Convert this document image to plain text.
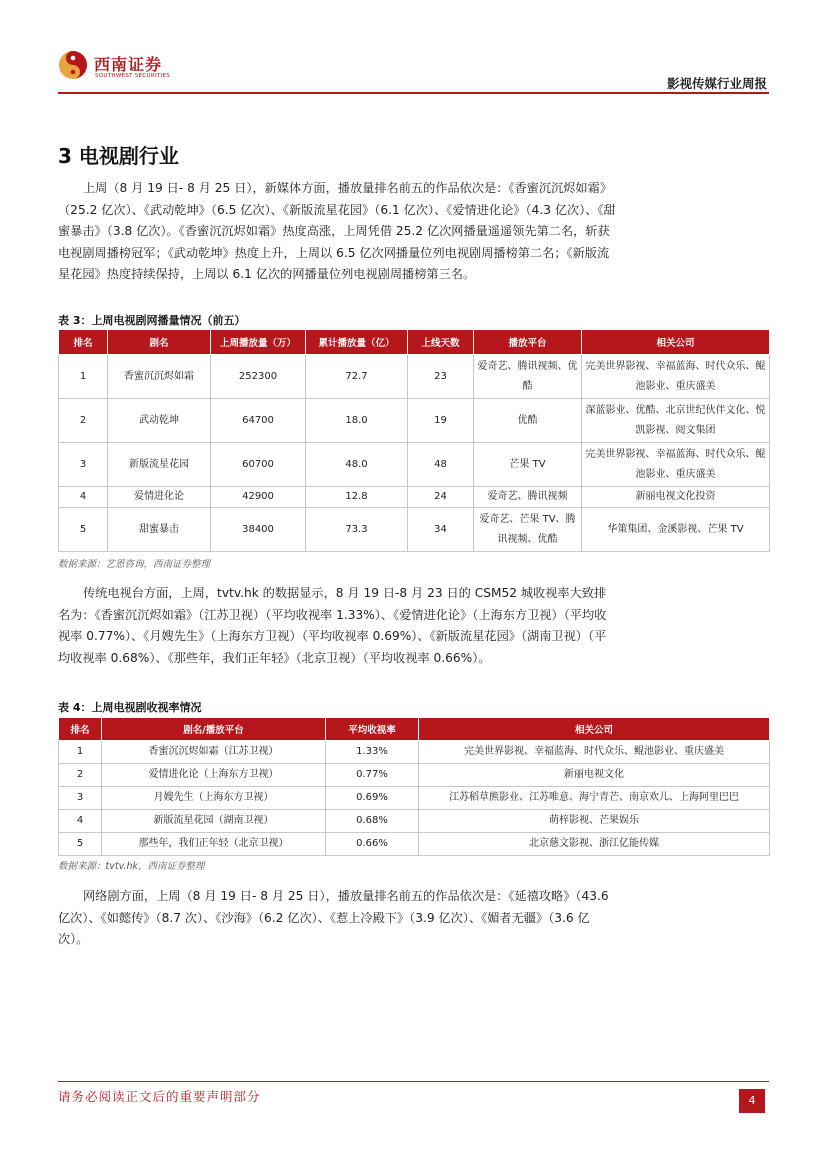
西南证券
SOUTHWEST SECURITIES	影视传媒行业周报
3 电视剧行业

上周（8 月 19 日- 8 月 25 日），新媒体方面，播放量排名前五的作品依次是：《香蜜沉沉烬如霜》（25.2 亿次）、《武动乾坤》（6.5 亿次）、《新版流星花园》（6.1 亿次）、《爱情进化论》（4.3 亿次）、《甜蜜暴击》（3.8 亿次）。《香蜜沉沉烬如霜》热度高涨，上周凭借 25.2 亿次网播量遥遥领先第二名，斩获电视剧周播榜冠军；《武动乾坤》热度上升，上周以 6.5 亿次网播量位列电视剧周播榜第二名；《新版流星花园》热度持续保持，上周以 6.1 亿次的网播量位列电视剧周播榜第三名。

表 3：上周电视剧网播量情况（前五）
排名	剧名	上周播放量（万）	累计播放量（亿）	上线天数	播放平台	相关公司
1	香蜜沉沉烬如霜	252300	72.7	23	爱奇艺、腾讯视频、优酷	完美世界影视、幸福蓝海、时代众乐、鲲池影业、重庆盛美
2	武动乾坤	64700	18.0	19	优酷	深蓝影业、优酷、北京世纪伙伴文化、悦凯影视、阅文集团
3	新版流星花园	60700	48.0	48	芒果 TV	完美世界影视、幸福蓝海、时代众乐、鲲池影业、重庆盛美
4	爱情进化论	42900	12.8	24	爱奇艺、腾讯视频	新丽电视文化投资
5	甜蜜暴击	38400	73.3	34	爱奇艺、芒果 TV、腾讯视频、优酷	华策集团、金溪影视、芒果 TV
数据来源：艺恩咨询，西南证券整理

传统电视台方面，上周，tvtv.hk 的数据显示，8 月 19 日-8 月 23 日的 CSM52 城收视率大致排名为：《香蜜沉沉烬如霜》（江苏卫视）（平均收视率 1.33%）、《爱情进化论》（上海东方卫视）（平均收视率 0.77%）、《月嫂先生》（上海东方卫视）（平均收视率 0.69%）、《新版流星花园》（湖南卫视）（平均收视率 0.68%）、《那些年，我们正年轻》（北京卫视）（平均收视率 0.66%）。

表 4：上周电视剧收视率情况
排名	剧名/播放平台	平均收视率	相关公司
1	香蜜沉沉烬如霜（江苏卫视）	1.33%	完美世界影视、幸福蓝海、时代众乐、鲲池影业、重庆盛美
2	爱情进化论（上海东方卫视）	0.77%	新丽电视文化
3	月嫂先生（上海东方卫视）	0.69%	江苏稻草熊影业、江苏唯意、海宁青芒、南京欢儿、上海阿里巴巴
4	新版流星花园（湖南卫视）	0.68%	萌梓影视、芒果娱乐
5	那些年，我们正年轻（北京卫视）	0.66%	北京慈文影视、浙江亿能传媒
数据来源：tvtv.hk，西南证券整理

网络剧方面，上周（8 月 19 日- 8 月 25 日），播放量排名前五的作品依次是：《延禧攻略》（43.6 亿次）、《如懿传》（8.7 次）、《沙海》（6.2 亿次）、《惹上冷殿下》（3.9 亿次）、《媚者无疆》（3.6 亿次）。

请务必阅读正文后的重要声明部分	4
